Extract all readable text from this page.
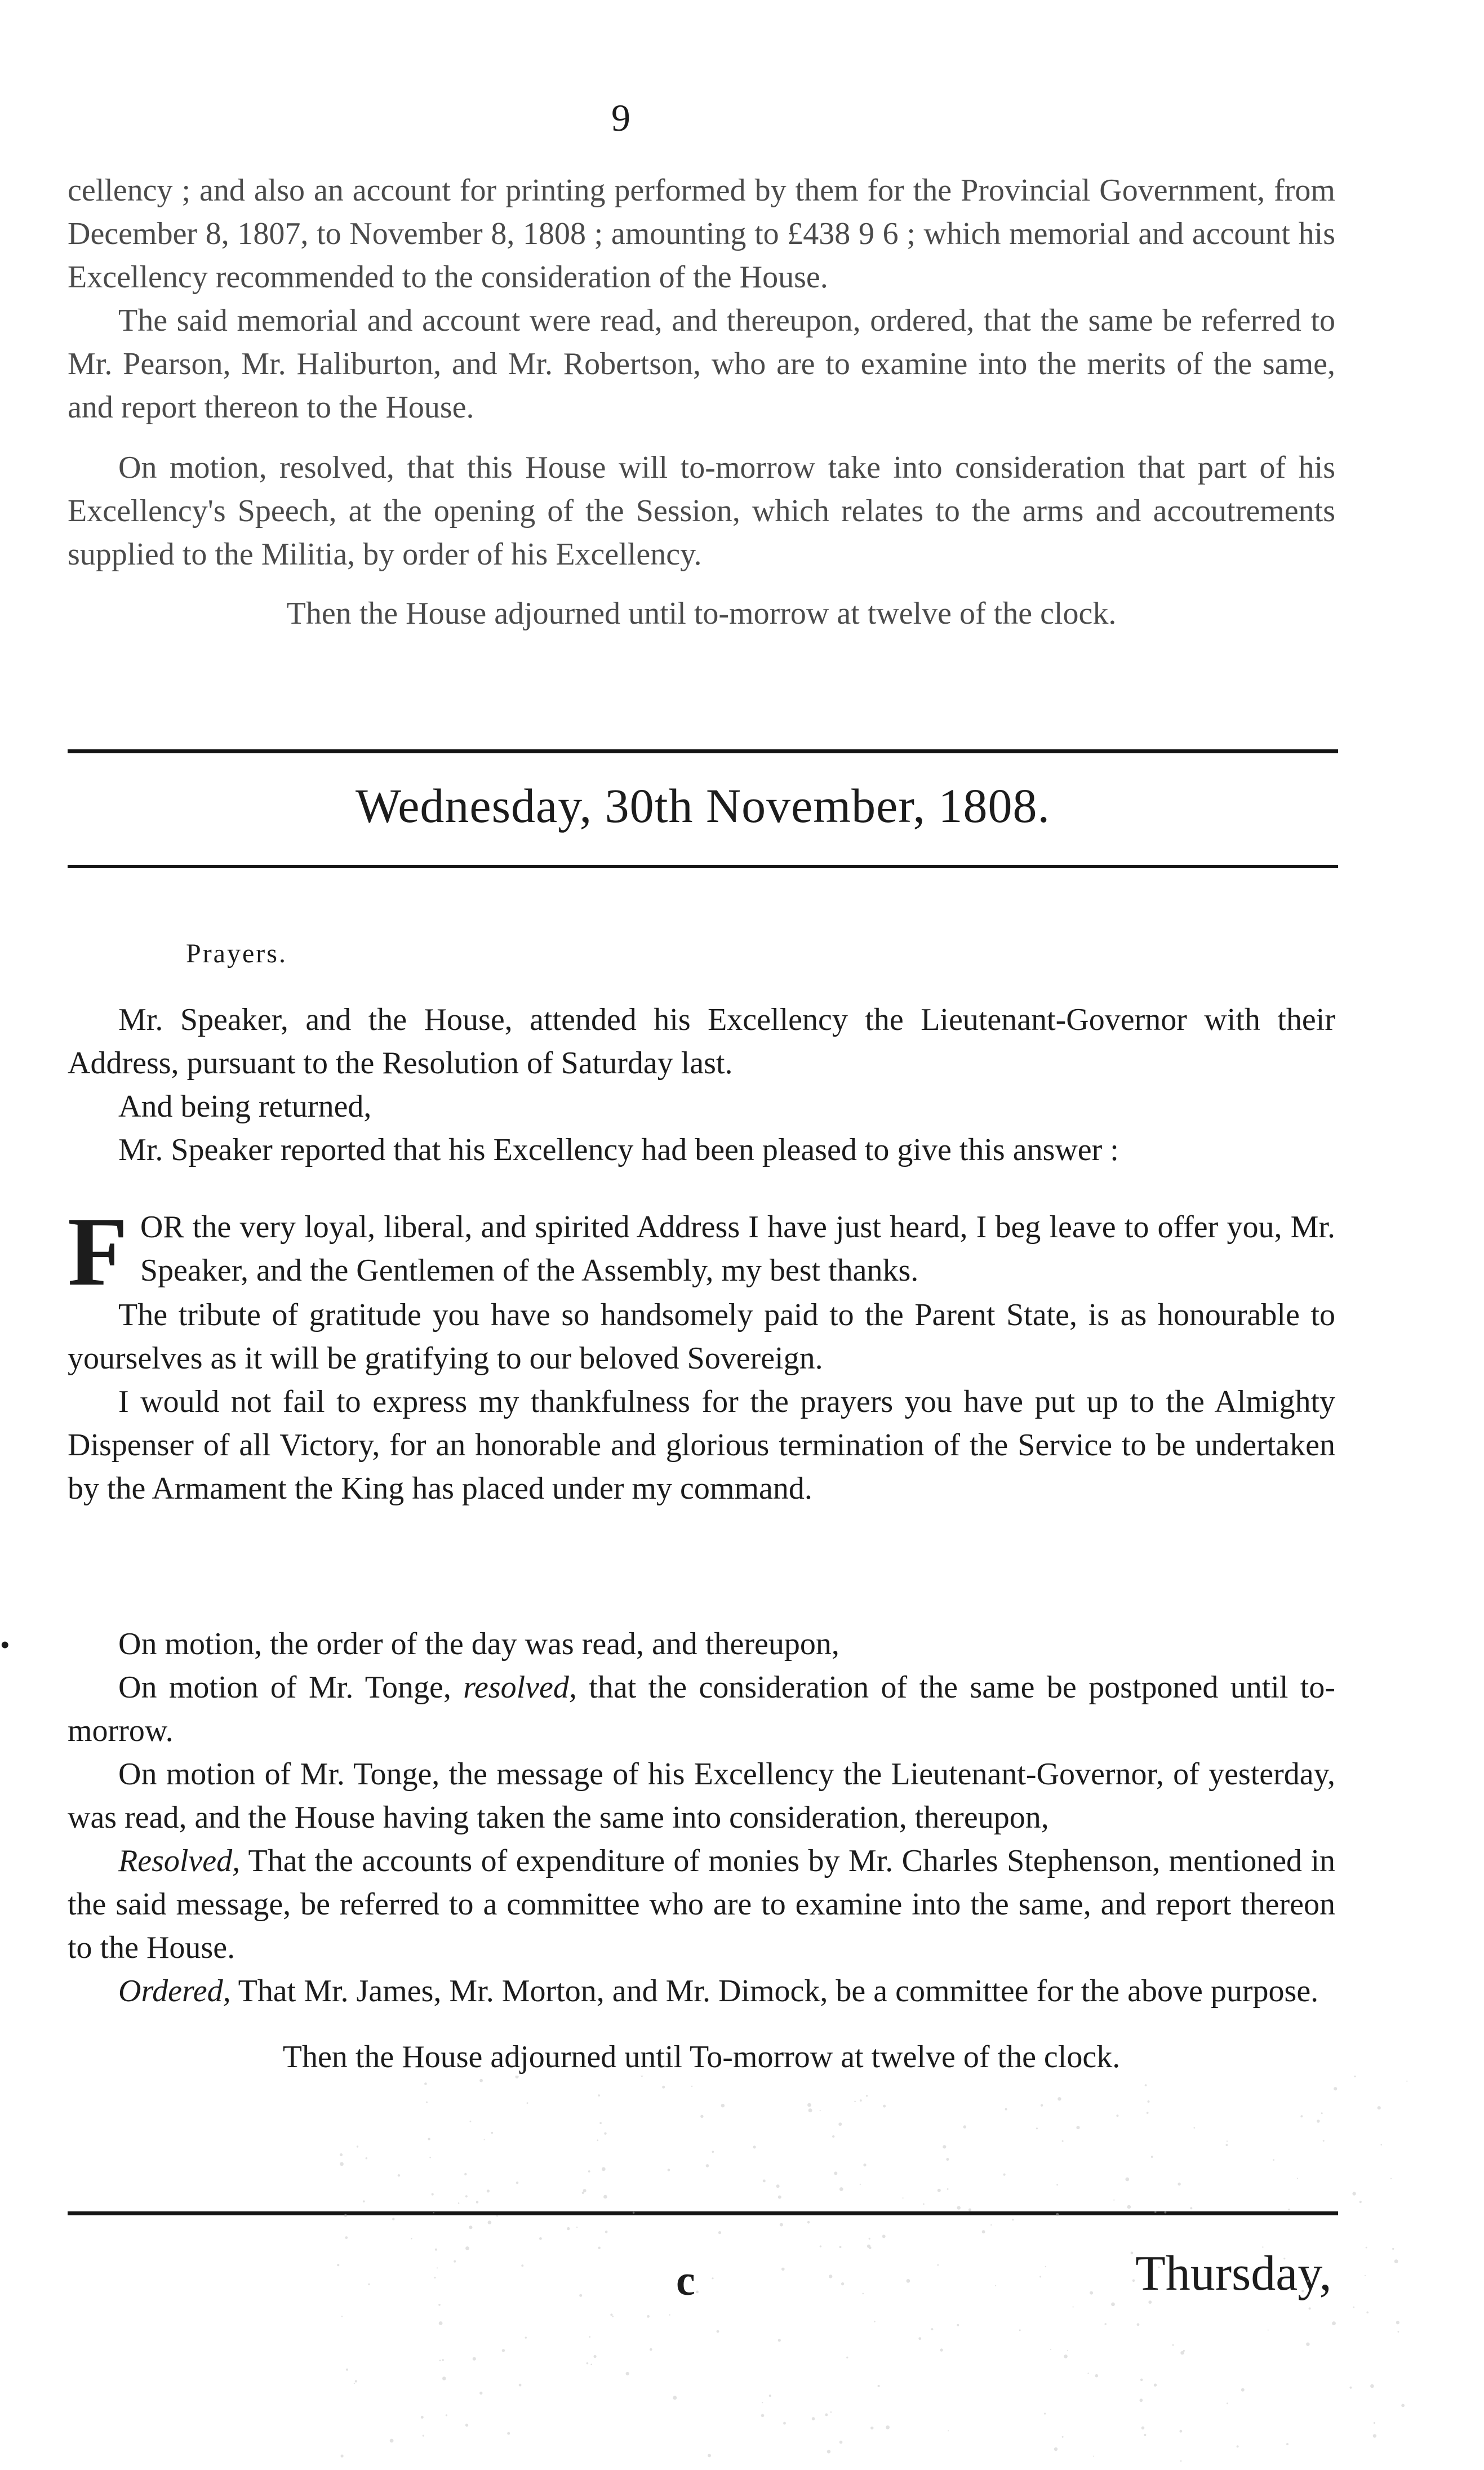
9

cellency ; and also an account for printing performed by them for the Provincial Government, from December 8, 1807, to November 8, 1808 ; amounting to £438 9 6 ; which memorial and account his Excellency recommended to the consideration of the House.

The said memorial and account were read, and thereupon, ordered, that the same be referred to Mr. Pearson, Mr. Haliburton, and Mr. Robertson, who are to examine into the merits of the same, and report thereon to the House.

On motion, resolved, that this House will to-morrow take into consideration that part of his Excellency's Speech, at the opening of the Session, which relates to the arms and accoutrements supplied to the Militia, by order of his Excellency.

Then the House adjourned until to-morrow at twelve of the clock.

Wednesday, 30th November, 1808.
Prayers.

Mr. Speaker, and the House, attended his Excellency the Lieutenant-Governor with their Address, pursuant to the Resolution of Saturday last.

And being returned,

Mr. Speaker reported that his Excellency had been pleased to give this answer :

FOR the very loyal, liberal, and spirited Address I have just heard, I beg leave to offer you, Mr. Speaker, and the Gentlemen of the Assembly, my best thanks.

The tribute of gratitude you have so handsomely paid to the Parent State, is as honourable to yourselves as it will be gratifying to our beloved Sovereign.

I would not fail to express my thankfulness for the prayers you have put up to the Almighty Dispenser of all Victory, for an honorable and glorious termination of the Service to be undertaken by the Armament the King has placed under my command.

•	On motion, the order of the day was read, and thereupon,

On motion of Mr. Tonge, resolved, that the consideration of the same be postponed until to-morrow.

On motion of Mr. Tonge, the message of his Excellency the Lieutenant-Governor, of yesterday, was read, and the House having taken the same into consideration, thereupon,

Resolved, That the accounts of expenditure of monies by Mr. Charles Stephenson, mentioned in the said message, be referred to a committee who are to examine into the same, and report thereon to the House.

Ordered, That Mr. James, Mr. Morton, and Mr. Dimock, be a committee for the above purpose.

Then the House adjourned until To-morrow at twelve of the clock.

c	Thursday,
